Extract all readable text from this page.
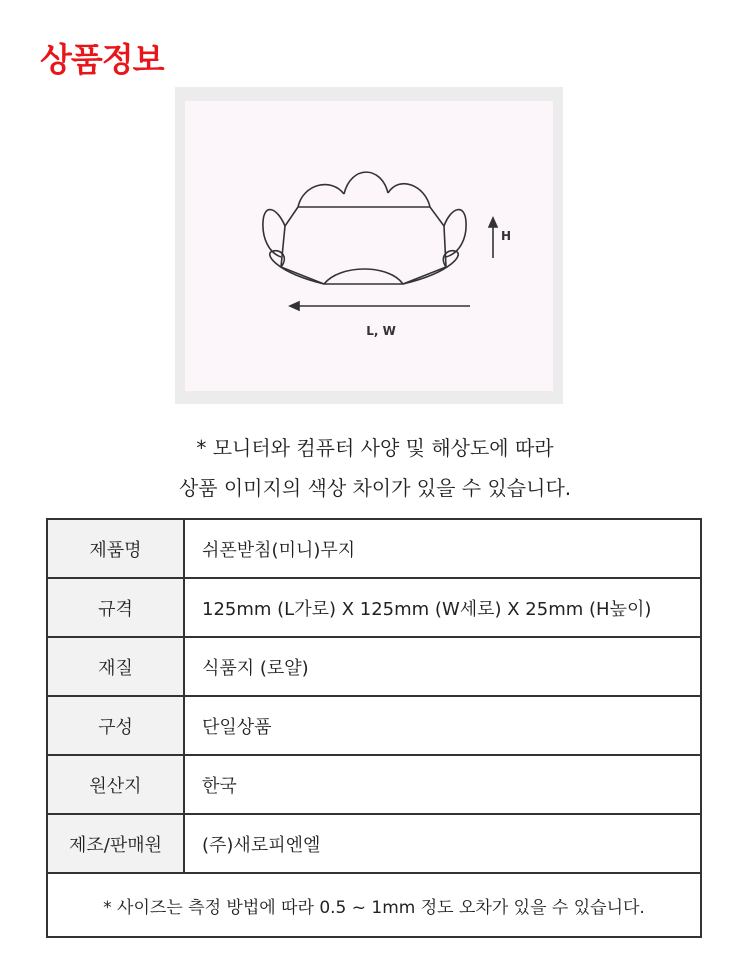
상품정보
H
L, W
* 모니터와 컴퓨터 사양 및 해상도에 따라
상품 이미지의 색상 차이가 있을 수 있습니다.
제품명	쉬폰받침(미니)무지
규격	125mm (L가로) X 125mm (W세로) X 25mm (H높이)
재질	식품지 (로얄)
구성	단일상품
원산지	한국
제조/판매원	(주)새로피엔엘
* 사이즈는 측정 방법에 따라 0.5 ~ 1mm 정도 오차가 있을 수 있습니다.	
